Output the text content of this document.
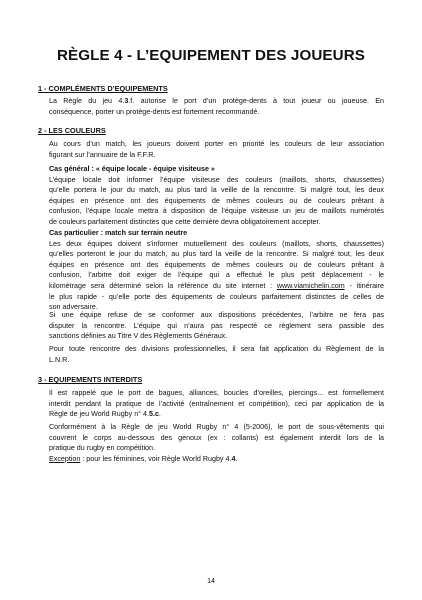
RÈGLE 4 - L’EQUIPEMENT DES JOUEURS
1 - COMPLÉMENTS D’EQUIPEMENTS
La Règle du jeu 4.3.f. autorise le port d’un protège-dents à tout joueur ou joueuse. En
conséquence, porter un protège-dents est fortement recommandé.
2 - LES COULEURS
Au cours d’un match, les joueurs doivent porter en priorité les couleurs de leur association
figurant sur l’annuaire de la F.F.R.
Cas général : « équipe locale - équipe visiteuse »
L’équipe locale doit informer l’équipe visiteuse des couleurs (maillots, shorts, chaussettes)
qu’elle portera le jour du match, au plus tard la veille de la rencontre. Si malgré tout, les deux
équipes en présence ont des équipements de mêmes couleurs ou de couleurs prêtant à
confusion, l’équipe locale mettra à disposition de l’équipe visiteuse un jeu de maillots numérotés
de couleurs parfaitement distinctes que cette dernière devra obligatoirement accepter.
Cas particulier : match sur terrain neutre
Les deux équipes doivent s’informer mutuellement des couleurs (maillots, shorts, chaussettes)
qu’elles porteront le jour du match, au plus tard la veille de la rencontre. Si malgré tout, les deux
équipes en présence ont des équipements de mêmes couleurs ou de couleurs prêtant à
confusion, l’arbitre doit exiger de l’équipe qui a effectué le plus petit déplacement - le
kilométrage sera déterminé selon la référence du site internet : www.viamichelin.com - itinéraire
le plus rapide - qu’elle porte des équipements de couleurs parfaitement distinctes de celles de
son adversaire.
Si une équipe refuse de se conformer aux dispositions précédentes, l’arbitre ne fera pas
disputer la rencontre. L’équipe qui n’aura pas respecté ce règlement sera passible des
sanctions définies au Titre V des Règlements Généraux.
Pour toute rencontre des divisions professionnelles, il sera fait application du Règlement de la
L.N.R.
3 - EQUIPEMENTS INTERDITS
Il est rappelé que le port de bagues, alliances, boucles d’oreilles, piercings... est formellement
interdit pendant la pratique de l’activité (entraînement et compétition), ceci par application de la
Règle de jeu World Rugby n° 4.5.c.
Conformément à la Règle de jeu World Rugby n° 4 (5-2006), le port de sous-vêtements qui
couvrent le corps au-dessous des genoux (ex : collants) est également interdit lors de la
pratique du rugby en compétition.
Exception : pour les féminines, voir Règle World Rugby 4.4.
14
